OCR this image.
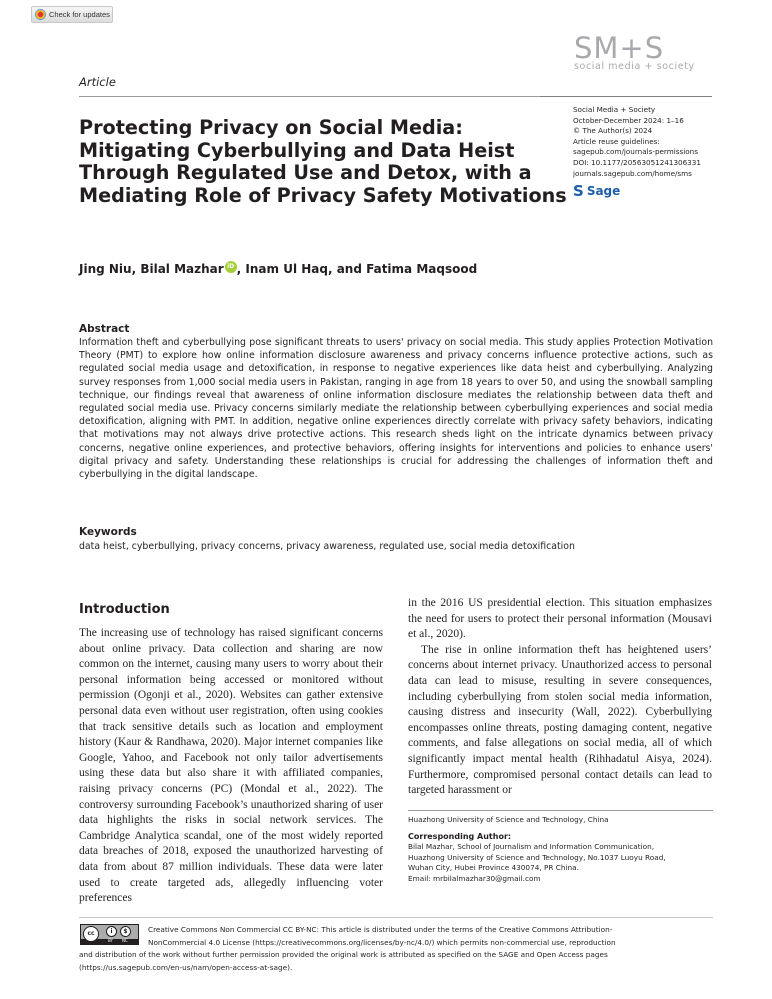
Check for updates
Article
SM+S
social media + society
Social Media + Society
October-December 2024: 1–16
© The Author(s) 2024
Article reuse guidelines:
sagepub.com/journals-permissions
DOI: 10.1177/20563051241306331
journals.sagepub.com/home/sms
S Sage
Protecting Privacy on Social Media:
Mitigating Cyberbullying and Data Heist
Through Regulated Use and Detox, with a
Mediating Role of Privacy Safety Motivations
Jing Niu, Bilal Mazhar iD , Inam Ul Haq, and Fatima Maqsood
Abstract
Information theft and cyberbullying pose significant threats to users' privacy on social media. This study applies Protection Motivation Theory (PMT) to explore how online information disclosure awareness and privacy concerns influence protective actions, such as regulated social media usage and detoxification, in response to negative experiences like data heist and cyberbullying. Analyzing survey responses from 1,000 social media users in Pakistan, ranging in age from 18 years to over 50, and using the snowball sampling technique, our findings reveal that awareness of online information disclosure mediates the relationship between data theft and regulated social media use. Privacy concerns similarly mediate the relationship between cyberbullying experiences and social media detoxification, aligning with PMT. In addition, negative online experiences directly correlate with privacy safety behaviors, indicating that motivations may not always drive protective actions. This research sheds light on the intricate dynamics between privacy concerns, negative online experiences, and protective behaviors, offering insights for interventions and policies to enhance users' digital privacy and safety. Understanding these relationships is crucial for addressing the challenges of information theft and cyberbullying in the digital landscape.
Keywords
data heist, cyberbullying, privacy concerns, privacy awareness, regulated use, social media detoxification
Introduction

The increasing use of technology has raised significant concerns about online privacy. Data collection and sharing are now common on the internet, causing many users to worry about their personal information being accessed or monitored without permission (Ogonji et al., 2020). Websites can gather extensive personal data even without user registration, often using cookies that track sensitive details such as location and employment history (Kaur & Randhawa, 2020). Major internet companies like Google, Yahoo, and Facebook not only tailor advertisements using these data but also share it with affiliated companies, raising privacy concerns (PC) (Mondal et al., 2022). The controversy surrounding Facebook’s unauthorized sharing of user data highlights the risks in social network services. The Cambridge Analytica scandal, one of the most widely reported data breaches of 2018, exposed the unauthorized harvesting of data from about 87 million individuals. These data were later used to create targeted ads, allegedly influencing voter preferences

in the 2016 US presidential election. This situation emphasizes the need for users to protect their personal information (Mousavi et al., 2020).

The rise in online information theft has heightened users’ concerns about internet privacy. Unauthorized access to personal data can lead to misuse, resulting in severe consequences, including cyberbullying from stolen social media information, causing distress and insecurity (Wall, 2022). Cyberbullying encompasses online threats, posting damaging content, negative comments, and false allegations on social media, all of which significantly impact mental health (Rihhadatul Aisya, 2024). Furthermore, compromised personal contact details can lead to targeted harassment or

Huazhong University of Science and Technology, China
Corresponding Author:
Bilal Mazhar, School of Journalism and Information Communication,
Huazhong University of Science and Technology, No.1037 Luoyu Road,
Wuhan City, Hubei Province 430074, PR China.
Email: mrbilalmazhar30@gmail.com
Creative Commons Non Commercial CC BY-NC: This article is distributed under the terms of the Creative Commons Attribution-
NonCommercial 4.0 License (https://creativecommons.org/licenses/by-nc/4.0/) which permits non-commercial use, reproduction
and distribution of the work without further permission provided the original work is attributed as specified on the SAGE and Open Access pages
(https://us.sagepub.com/en-us/nam/open-access-at-sage).
cc	i	$
BY NC
